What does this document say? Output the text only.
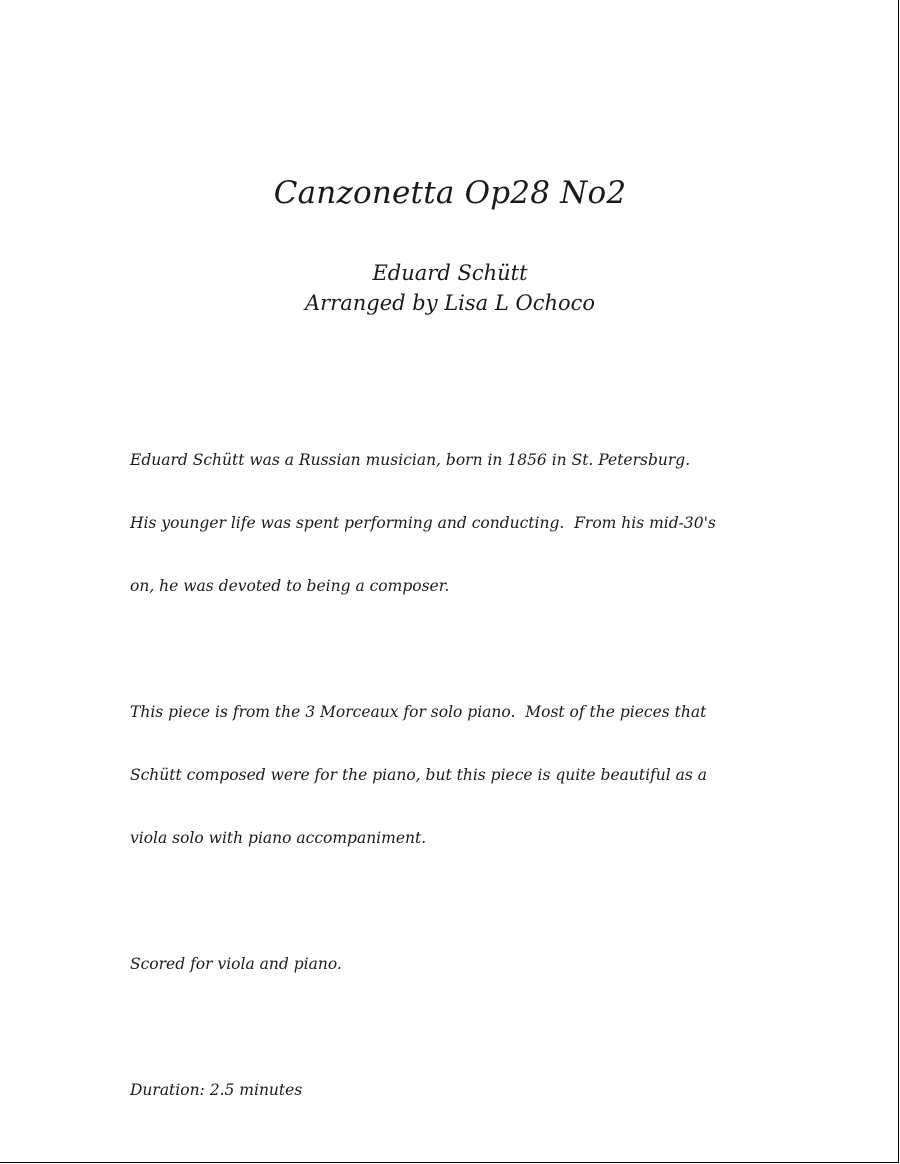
Canzonetta Op28 No2
Eduard Schütt
Arranged by Lisa L Ochoco

Eduard Schütt was a Russian musician, born in 1856 in St. Petersburg.

His younger life was spent performing and conducting.  From his mid-30's

on, he was devoted to being a composer.

This piece is from the 3 Morceaux for solo piano.  Most of the pieces that

Schütt composed were for the piano, but this piece is quite beautiful as a

viola solo with piano accompaniment.

Scored for viola and piano.

Duration: 2.5 minutes
